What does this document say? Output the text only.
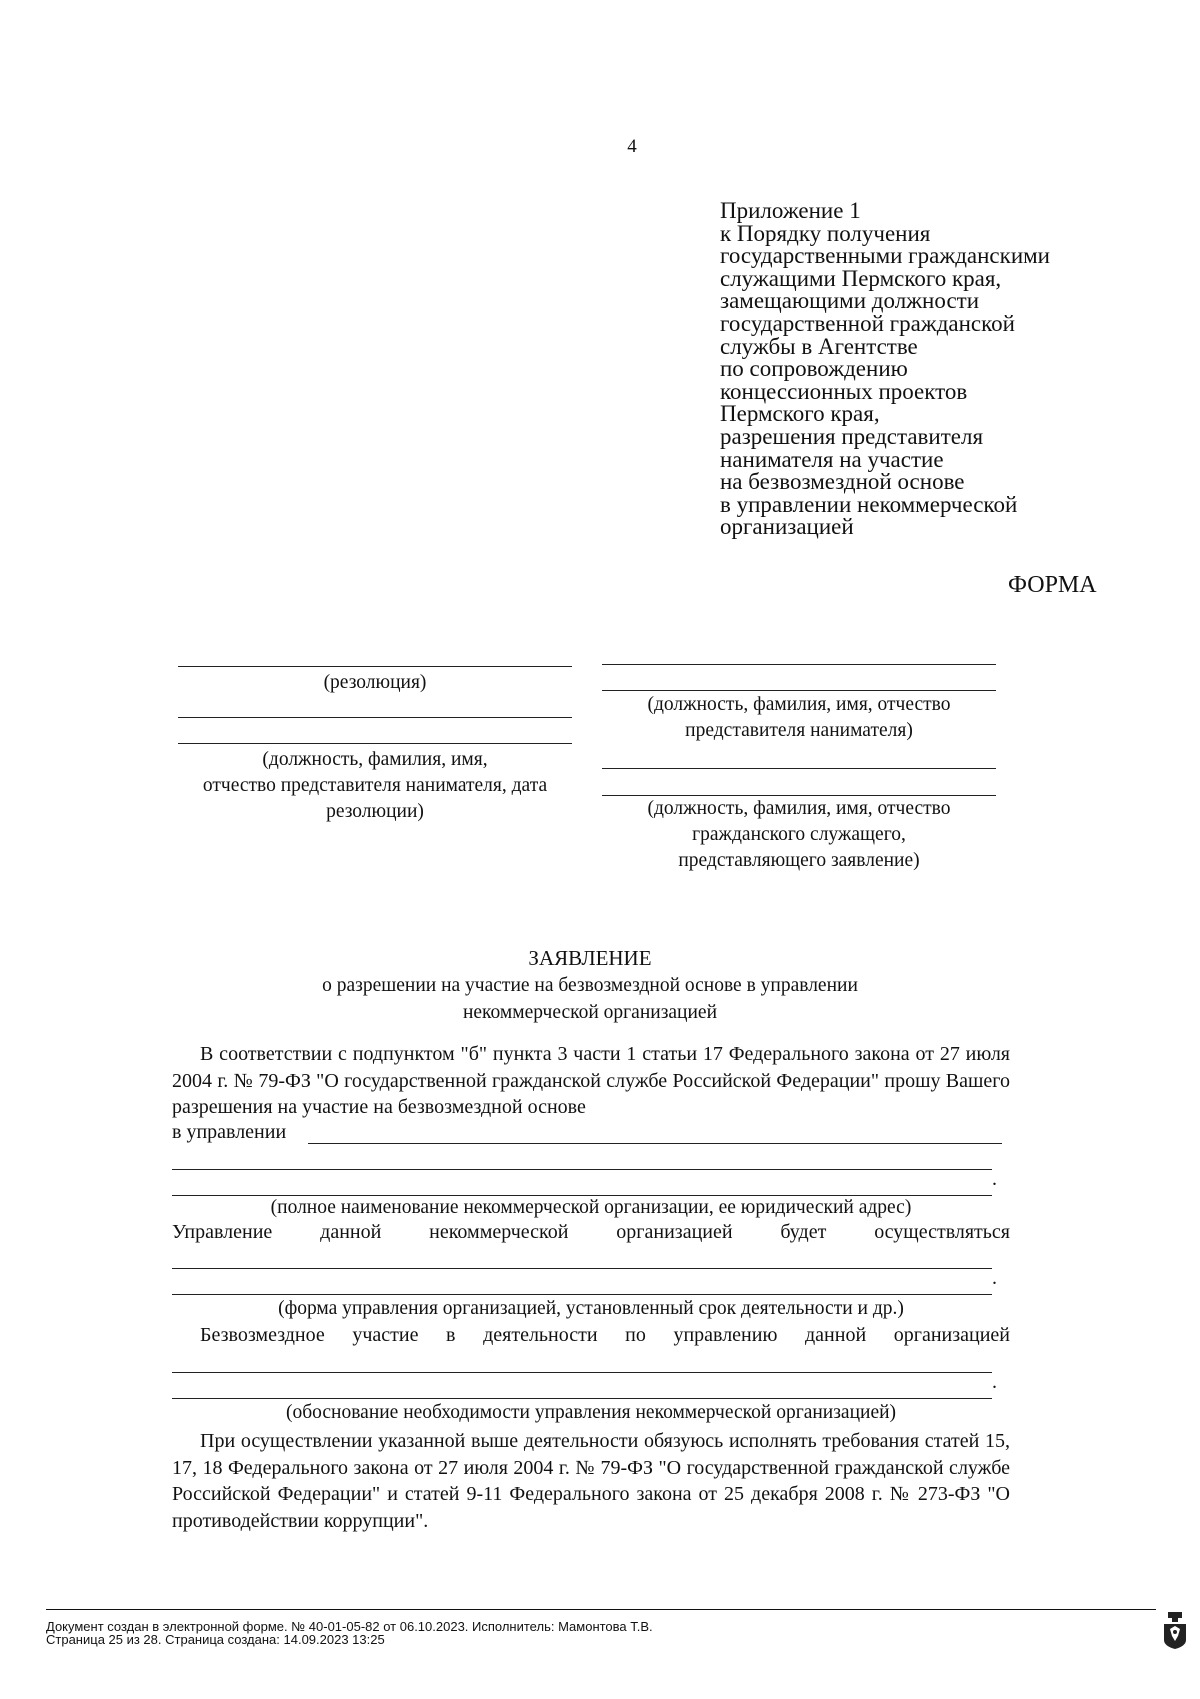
4
Приложение 1
к Порядку получения
государственными гражданскими
служащими Пермского края,
замещающими должности
государственной гражданской
службы в Агентстве
по сопровождению
концессионных проектов
Пермского края,
разрешения представителя
нанимателя на участие
на безвозмездной основе
в управлении некоммерческой
организацией
ФОРМА
(резолюция)
(должность, фамилия, имя,
отчество представителя нанимателя, дата
резолюции)
(должность, фамилия, имя, отчество
представителя нанимателя)
(должность, фамилия, имя, отчество
гражданского служащего,
представляющего заявление)
ЗАЯВЛЕНИЕ
о разрешении на участие на безвозмездной основе в управлении
некоммерческой организацией
В соответствии с подпунктом "б" пункта 3 части 1 статьи 17 Федерального закона от 27 июля 2004 г. № 79-ФЗ "О государственной гражданской службе Российской Федерации" прошу Вашего разрешения на участие на безвозмездной основе
в управлении
.
(полное наименование некоммерческой организации, ее юридический адрес)
Управление данной некоммерческой организацией будет осуществляться
.
(форма управления организацией, установленный срок деятельности и др.)
Безвозмездное участие в деятельности по управлению данной организацией
.
(обоснование необходимости управления некоммерческой организацией)
При осуществлении указанной выше деятельности обязуюсь исполнять требования статей 15, 17, 18 Федерального закона от 27 июля 2004 г. № 79-ФЗ "О государственной гражданской службе Российской Федерации" и статей 9-11 Федерального закона от 25 декабря 2008 г. № 273-ФЗ "О противодействии коррупции".
Документ создан в электронной форме. № 40-01-05-82 от 06.10.2023. Исполнитель: Мамонтова Т.В.
Страница 25 из 28. Страница создана: 14.09.2023 13:25
